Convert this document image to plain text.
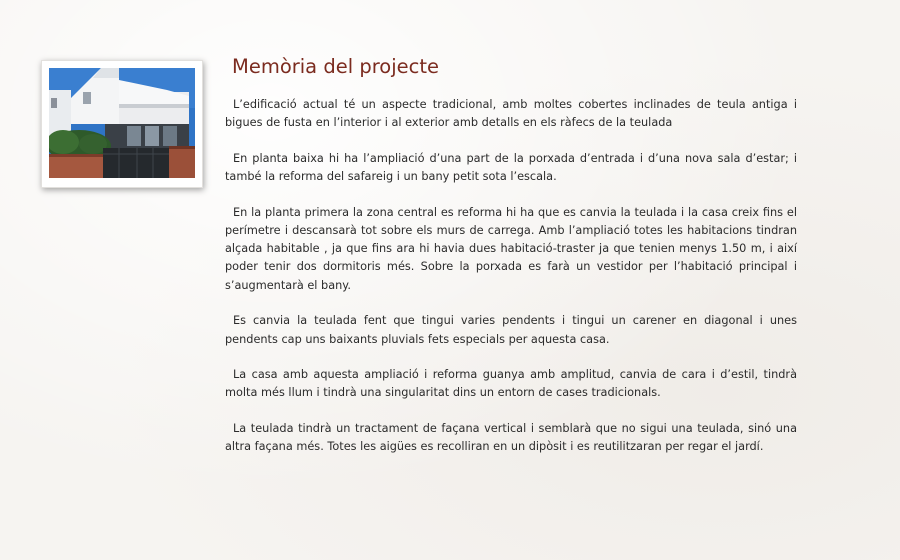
Memòria del projecte

L’edificació actual té un aspecte tradicional, amb moltes cobertes inclinades de teula antiga i bigues de fusta en l’interior i al exterior amb detalls en els ràfecs de la teulada

En planta baixa hi ha l’ampliació d’una part de la porxada d’entrada i d’una nova sala d’estar; i també la reforma del safareig i un bany petit sota l’escala.

En la planta primera la zona central es reforma hi ha que es canvia la teulada i la casa creix fins el perímetre i descansarà tot sobre els murs de carrega. Amb l’ampliació totes les habitacions tindran alçada habitable , ja que fins ara hi havia dues habitació-traster ja que tenien menys 1.50 m, i així poder tenir dos dormitoris més. Sobre la porxada es farà un vestidor per l’habitació principal i s’augmentarà el bany.

Es canvia la teulada fent que tingui varies pendents i tingui un carener en diagonal i unes pendents cap uns baixants pluvials fets especials per aquesta casa.

La casa amb aquesta ampliació i reforma guanya amb amplitud, canvia de cara i d’estil, tindrà molta més llum i tindrà una singularitat dins un entorn de cases tradicionals.

La teulada tindrà un tractament de façana vertical i semblarà que no sigui una teulada, sinó una altra façana més. Totes les aigües es recolliran en un dipòsit i es reutilitzaran per regar el jardí.
